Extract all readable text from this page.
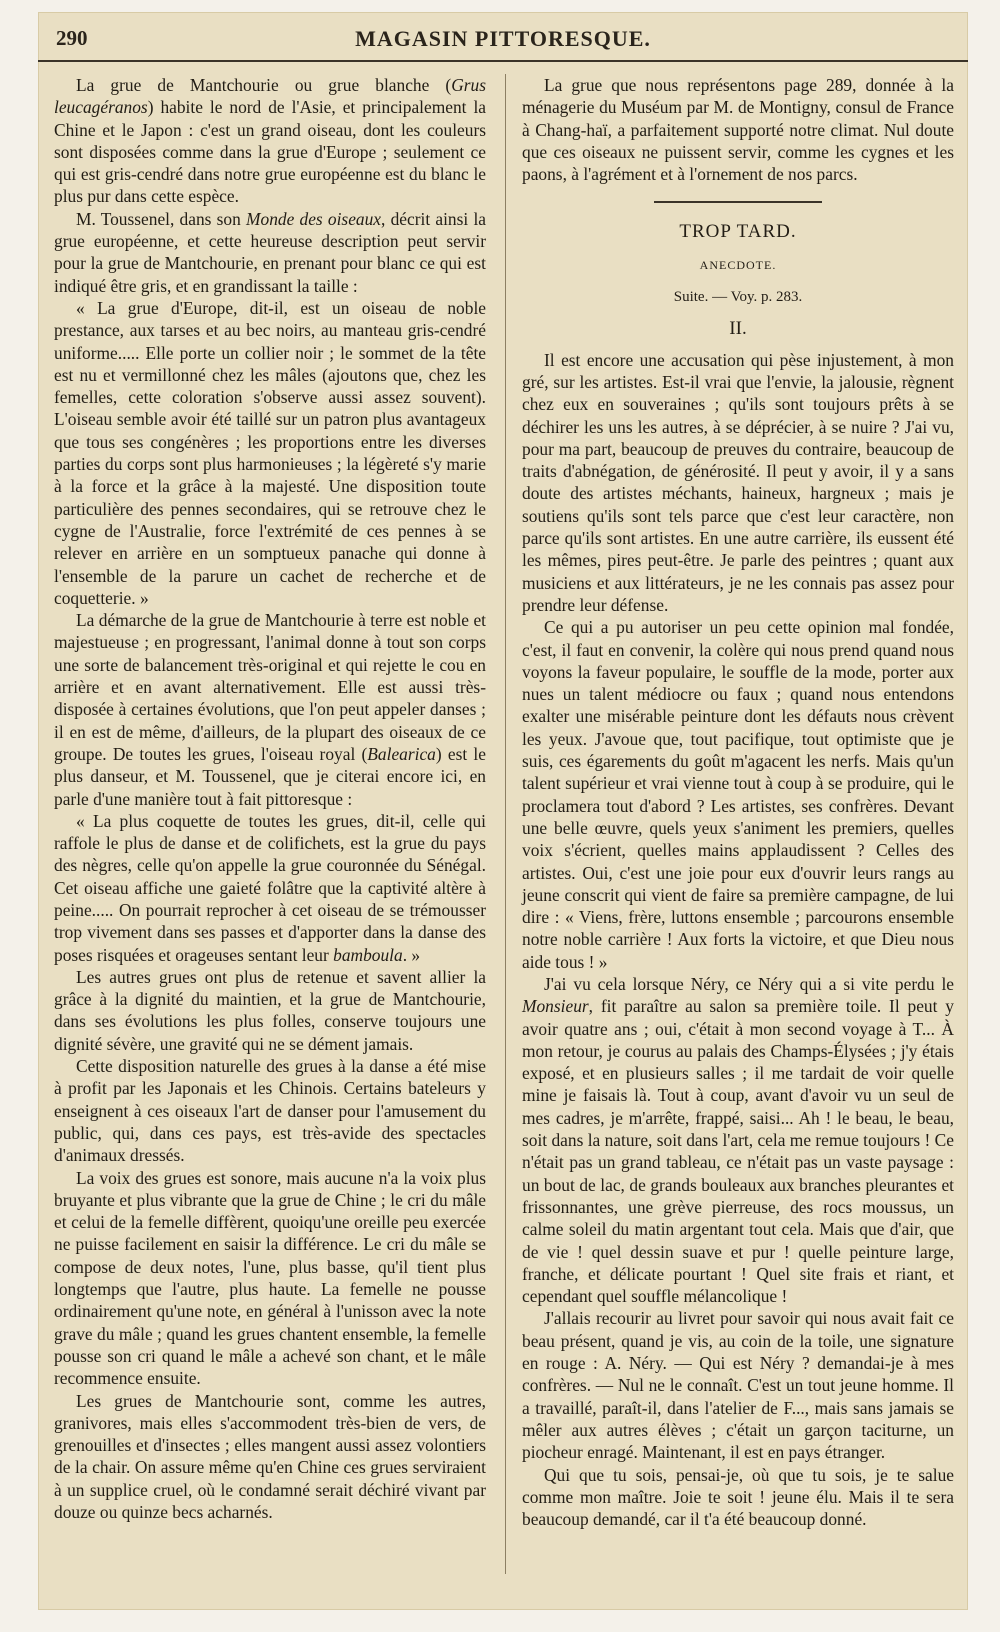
290	MAGASIN PITTORESQUE.

La grue de Mantchourie ou grue blanche (Grus leucagéranos) habite le nord de l'Asie, et principalement la Chine et le Japon : c'est un grand oiseau, dont les couleurs sont disposées comme dans la grue d'Europe ; seulement ce qui est gris-cendré dans notre grue européenne est du blanc le plus pur dans cette espèce.

M. Toussenel, dans son Monde des oiseaux, décrit ainsi la grue européenne, et cette heureuse description peut servir pour la grue de Mantchourie, en prenant pour blanc ce qui est indiqué être gris, et en grandissant la taille :

« La grue d'Europe, dit-il, est un oiseau de noble prestance, aux tarses et au bec noirs, au manteau gris-cendré uniforme..... Elle porte un collier noir ; le sommet de la tête est nu et vermillonné chez les mâles (ajoutons que, chez les femelles, cette coloration s'observe aussi assez souvent). L'oiseau semble avoir été taillé sur un patron plus avantageux que tous ses congénères ; les proportions entre les diverses parties du corps sont plus harmonieuses ; la légèreté s'y marie à la force et la grâce à la majesté. Une disposition toute particulière des pennes secondaires, qui se retrouve chez le cygne de l'Australie, force l'extrémité de ces pennes à se relever en arrière en un somptueux panache qui donne à l'ensemble de la parure un cachet de recherche et de coquetterie. »

La démarche de la grue de Mantchourie à terre est noble et majestueuse ; en progressant, l'animal donne à tout son corps une sorte de balancement très-original et qui rejette le cou en arrière et en avant alternativement. Elle est aussi très-disposée à certaines évolutions, que l'on peut appeler danses ; il en est de même, d'ailleurs, de la plupart des oiseaux de ce groupe. De toutes les grues, l'oiseau royal (Balearica) est le plus danseur, et M. Toussenel, que je citerai encore ici, en parle d'une manière tout à fait pittoresque :

« La plus coquette de toutes les grues, dit-il, celle qui raffole le plus de danse et de colifichets, est la grue du pays des nègres, celle qu'on appelle la grue couronnée du Sénégal. Cet oiseau affiche une gaieté folâtre que la captivité altère à peine..... On pourrait reprocher à cet oiseau de se trémousser trop vivement dans ses passes et d'apporter dans la danse des poses risquées et orageuses sentant leur bamboula. »

Les autres grues ont plus de retenue et savent allier la grâce à la dignité du maintien, et la grue de Mantchourie, dans ses évolutions les plus folles, conserve toujours une dignité sévère, une gravité qui ne se dément jamais.

Cette disposition naturelle des grues à la danse a été mise à profit par les Japonais et les Chinois. Certains bateleurs y enseignent à ces oiseaux l'art de danser pour l'amusement du public, qui, dans ces pays, est très-avide des spectacles d'animaux dressés.

La voix des grues est sonore, mais aucune n'a la voix plus bruyante et plus vibrante que la grue de Chine ; le cri du mâle et celui de la femelle diffèrent, quoiqu'une oreille peu exercée ne puisse facilement en saisir la différence. Le cri du mâle se compose de deux notes, l'une, plus basse, qu'il tient plus longtemps que l'autre, plus haute. La femelle ne pousse ordinairement qu'une note, en général à l'unisson avec la note grave du mâle ; quand les grues chantent ensemble, la femelle pousse son cri quand le mâle a achevé son chant, et le mâle recommence ensuite.

Les grues de Mantchourie sont, comme les autres, granivores, mais elles s'accommodent très-bien de vers, de grenouilles et d'insectes ; elles mangent aussi assez volontiers de la chair. On assure même qu'en Chine ces grues serviraient à un supplice cruel, où le condamné serait déchiré vivant par douze ou quinze becs acharnés.

La grue que nous représentons page 289, donnée à la ménagerie du Muséum par M. de Montigny, consul de France à Chang-haï, a parfaitement supporté notre climat. Nul doute que ces oiseaux ne puissent servir, comme les cygnes et les paons, à l'agrément et à l'ornement de nos parcs.

TROP TARD.
ANECDOTE.
Suite. — Voy. p. 283.
II.

Il est encore une accusation qui pèse injustement, à mon gré, sur les artistes. Est-il vrai que l'envie, la jalousie, règnent chez eux en souveraines ; qu'ils sont toujours prêts à se déchirer les uns les autres, à se déprécier, à se nuire ? J'ai vu, pour ma part, beaucoup de preuves du contraire, beaucoup de traits d'abnégation, de générosité. Il peut y avoir, il y a sans doute des artistes méchants, haineux, hargneux ; mais je soutiens qu'ils sont tels parce que c'est leur caractère, non parce qu'ils sont artistes. En une autre carrière, ils eussent été les mêmes, pires peut-être. Je parle des peintres ; quant aux musiciens et aux littérateurs, je ne les connais pas assez pour prendre leur défense.

Ce qui a pu autoriser un peu cette opinion mal fondée, c'est, il faut en convenir, la colère qui nous prend quand nous voyons la faveur populaire, le souffle de la mode, porter aux nues un talent médiocre ou faux ; quand nous entendons exalter une misérable peinture dont les défauts nous crèvent les yeux. J'avoue que, tout pacifique, tout optimiste que je suis, ces égarements du goût m'agacent les nerfs. Mais qu'un talent supérieur et vrai vienne tout à coup à se produire, qui le proclamera tout d'abord ? Les artistes, ses confrères. Devant une belle œuvre, quels yeux s'animent les premiers, quelles voix s'écrient, quelles mains applaudissent ? Celles des artistes. Oui, c'est une joie pour eux d'ouvrir leurs rangs au jeune conscrit qui vient de faire sa première campagne, de lui dire : « Viens, frère, luttons ensemble ; parcourons ensemble notre noble carrière ! Aux forts la victoire, et que Dieu nous aide tous ! »

J'ai vu cela lorsque Néry, ce Néry qui a si vite perdu le Monsieur, fit paraître au salon sa première toile. Il peut y avoir quatre ans ; oui, c'était à mon second voyage à T... À mon retour, je courus au palais des Champs-Élysées ; j'y étais exposé, et en plusieurs salles ; il me tardait de voir quelle mine je faisais là. Tout à coup, avant d'avoir vu un seul de mes cadres, je m'arrête, frappé, saisi... Ah ! le beau, le beau, soit dans la nature, soit dans l'art, cela me remue toujours ! Ce n'était pas un grand tableau, ce n'était pas un vaste paysage : un bout de lac, de grands bouleaux aux branches pleurantes et frissonnantes, une grève pierreuse, des rocs moussus, un calme soleil du matin argentant tout cela. Mais que d'air, que de vie ! quel dessin suave et pur ! quelle peinture large, franche, et délicate pourtant ! Quel site frais et riant, et cependant quel souffle mélancolique !

J'allais recourir au livret pour savoir qui nous avait fait ce beau présent, quand je vis, au coin de la toile, une signature en rouge : A. Néry. — Qui est Néry ? demandai-je à mes confrères. — Nul ne le connaît. C'est un tout jeune homme. Il a travaillé, paraît-il, dans l'atelier de F..., mais sans jamais se mêler aux autres élèves ; c'était un garçon taciturne, un piocheur enragé. Maintenant, il est en pays étranger.

Qui que tu sois, pensai-je, où que tu sois, je te salue comme mon maître. Joie te soit ! jeune élu. Mais il te sera beaucoup demandé, car il t'a été beaucoup donné.
